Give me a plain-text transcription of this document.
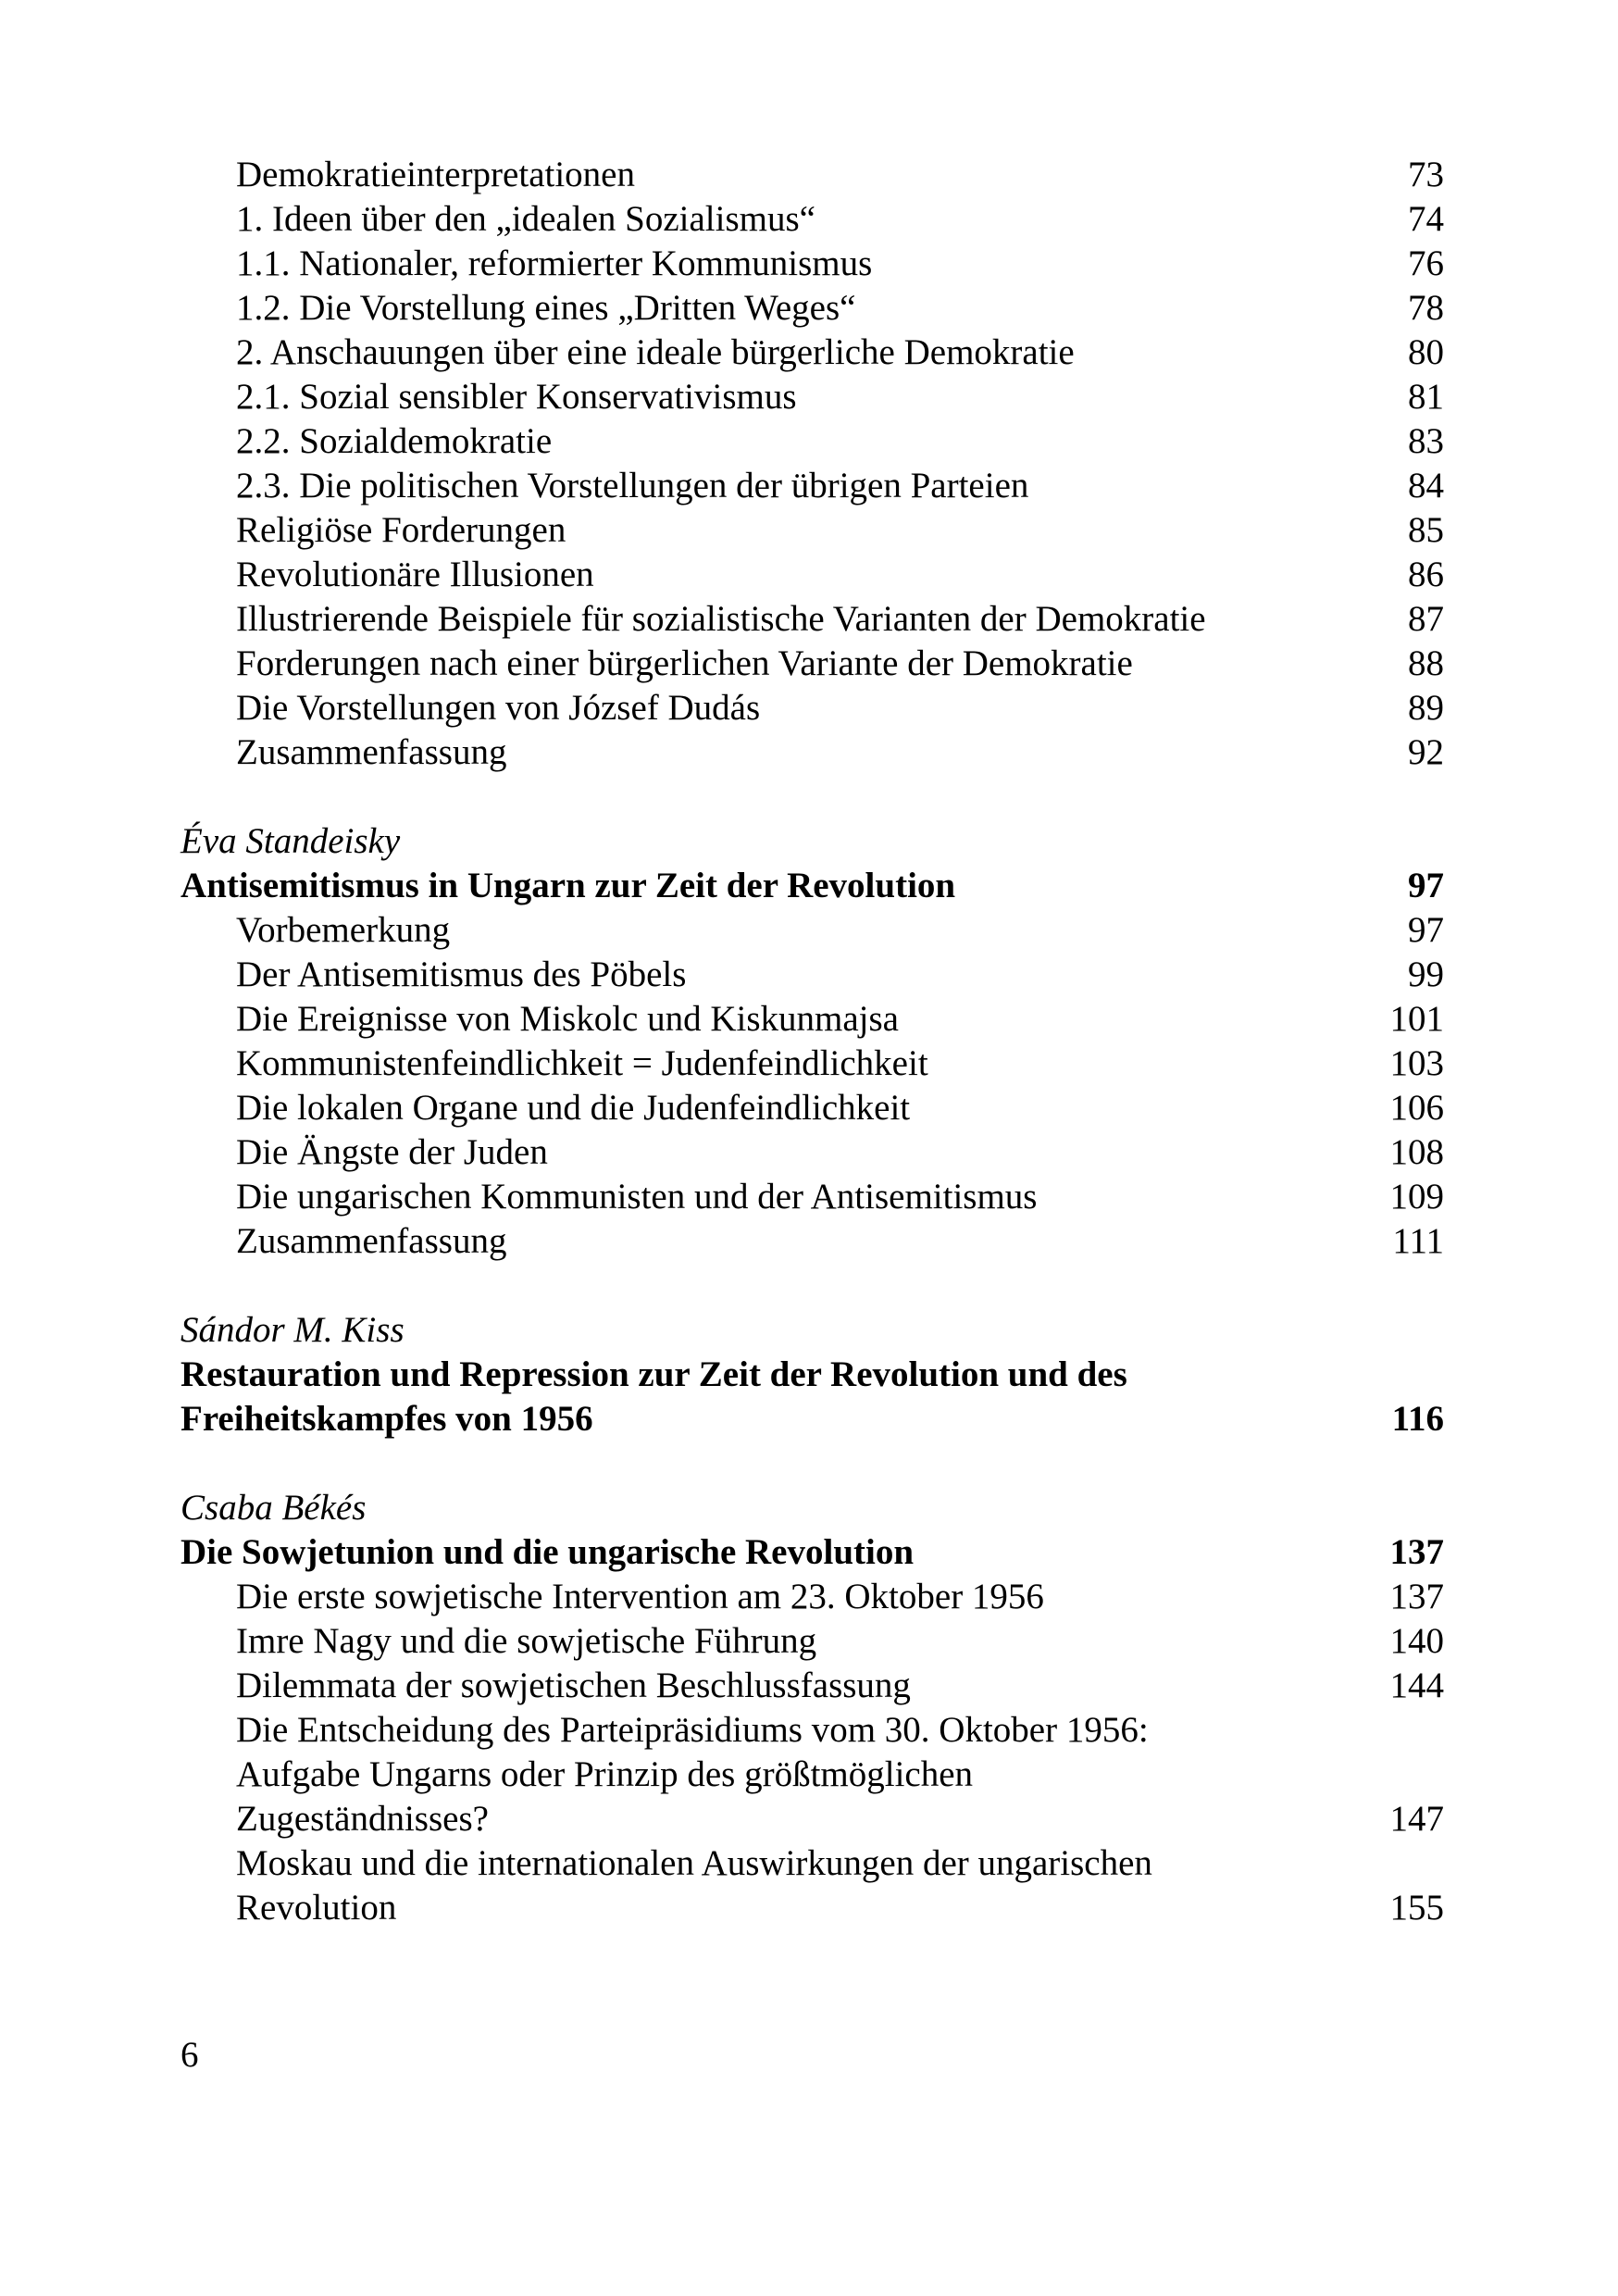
Demokratieinterpretationen	73
1. Ideen über den „idealen Sozialismus“	74
1.1. Nationaler, reformierter Kommunismus	76
1.2. Die Vorstellung eines „Dritten Weges“	78
2. Anschauungen über eine ideale bürgerliche Demokratie	80
2.1. Sozial sensibler Konservativismus	81
2.2. Sozialdemokratie	83
2.3. Die politischen Vorstellungen der übrigen Parteien	84
Religiöse Forderungen	85
Revolutionäre Illusionen	86
Illustrierende Beispiele für sozialistische Varianten der Demokratie	87
Forderungen nach einer bürgerlichen Variante der Demokratie	88
Die Vorstellungen von József Dudás	89
Zusammenfassung	92
Éva Standeisky
Antisemitismus in Ungarn zur Zeit der Revolution	97
Vorbemerkung	97
Der Antisemitismus des Pöbels	99
Die Ereignisse von Miskolc und Kiskunmajsa	101
Kommunistenfeindlichkeit = Judenfeindlichkeit	103
Die lokalen Organe und die Judenfeindlichkeit	106
Die Ängste der Juden	108
Die ungarischen Kommunisten und der Antisemitismus	109
Zusammenfassung	111
Sándor M. Kiss
Restauration und Repression zur Zeit der Revolution und des
Freiheitskampfes von 1956	116
Csaba Békés
Die Sowjetunion und die ungarische Revolution	137
Die erste sowjetische Intervention am 23. Oktober 1956	137
Imre Nagy und die sowjetische Führung	140
Dilemmata der sowjetischen Beschlussfassung	144
Die Entscheidung des Parteipräsidiums vom 30. Oktober 1956:
Aufgabe Ungarns oder Prinzip des größtmöglichen
Zugeständnisses?	147
Moskau und die internationalen Auswirkungen der ungarischen
Revolution	155
6
